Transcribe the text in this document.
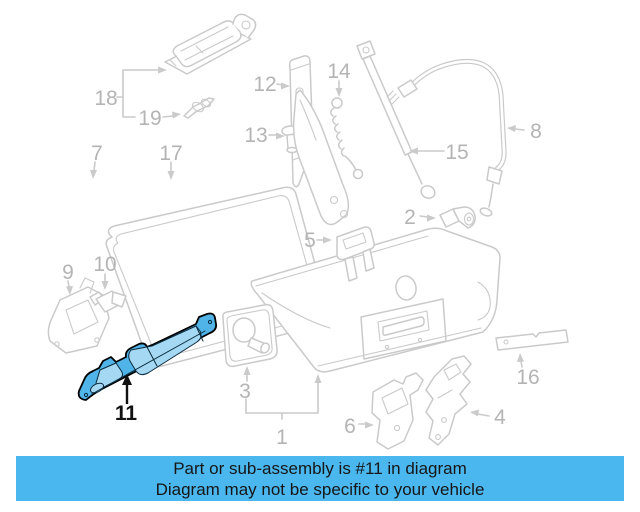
1
2
3
4
5
6
7
8
9 10
11
12
13
14
15
16
17
18
19
Part or sub-assembly is #11 in diagram
Diagram may not be specific to your vehicle
